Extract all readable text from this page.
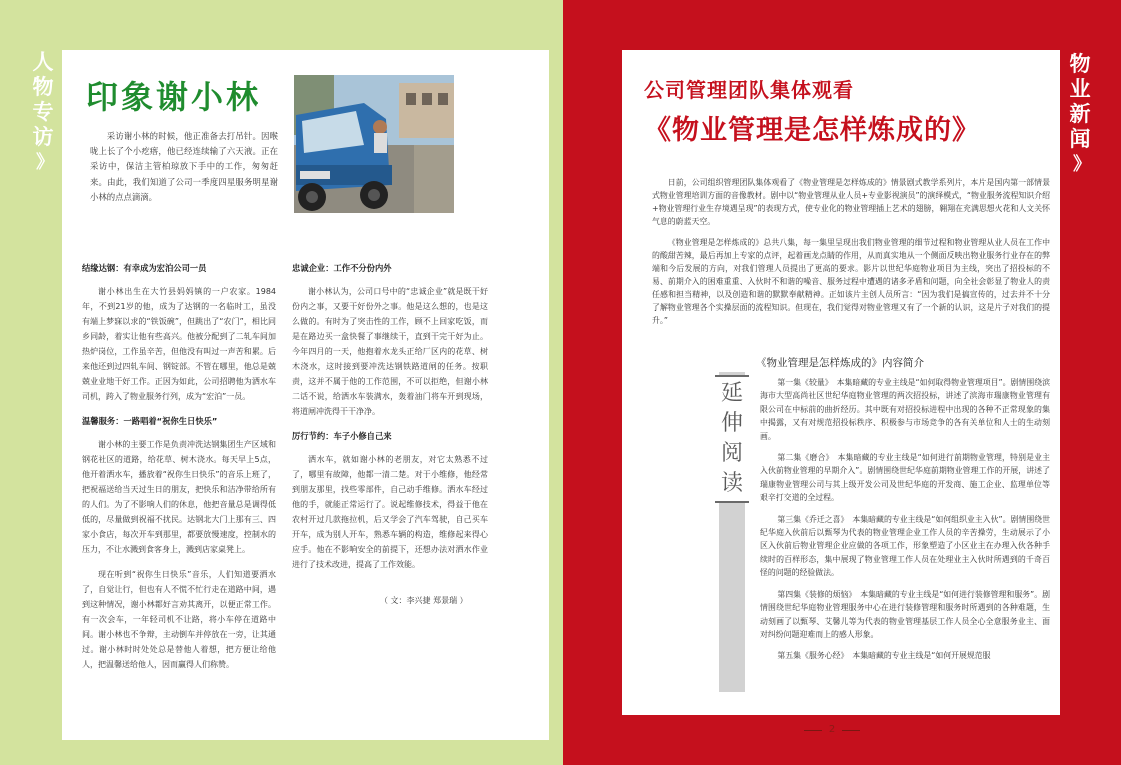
人
物
专
访
》
物
业
新
闻
》
印象谢小林

采访谢小林的时候，他正准备去打吊针。因喉咙上长了个小疙瘩，他已经连续输了六天液。正在采访中，保洁主管柏琼放下手中的工作，匆匆赶来。由此，我们知道了公司一季度四星服务明星谢小林的点点滴滴。

结缘达钢：有幸成为宏泊公司一员

谢小林出生在大竹县妈妈镇的一户农家。1984年，不到21岁的他，成为了达钢的一名临时工，虽没有端上梦寐以求的“铁饭碗”，但跳出了“农门”，相比同乡同龄，着实让他有些高兴。他被分配到了二轧车间加热炉岗位，工作虽辛苦，但他没有叫过一声苦和累。后来他还到过四轧车间、钢锭部。不管在哪里，他总是兢兢业业地干好工作。正因为如此，公司招聘他为洒水车司机，跨入了物业服务行列，成为“宏泊”一员。

温馨服务：一路唱着“祝你生日快乐”

谢小林的主要工作是负责冲洗达钢集团生产区域和钢花社区的道路，给花草、树木浇水。每天早上5点，他开着洒水车，播放着“祝你生日快乐”的音乐上班了，把祝福送给当天过生日的朋友，把快乐和洁净带给所有的人们。为了不影响人们的休息，他把音量总是调得低低的，尽量做到祝福不扰民。达钢北大门上那有三、四家小食店，每次开车到那里，都要放慢速度，控制水的压力，不让水溅到食客身上，溅到店家桌凳上。

现在听到“祝你生日快乐”音乐，人们知道要洒水了，自觉让行，但也有人不慌不忙行走在道路中间，遇到这种情况，谢小林都好言劝其离开，以便正常工作。有一次会车，一年轻司机不让路，将小车停在道路中间。谢小林也不争辩，主动倒车并停放在一旁，让其通过。谢小林时时处处总是替他人着想，把方便让给他人，把温馨送给他人，因而赢得人们称赞。

忠诚企业：工作不分份内外

谢小林认为，公司口号中的“忠诚企业”就是既干好份内之事，又要干好份外之事。他是这么想的，也是这么做的。有时为了突击性的工作，顾不上回家吃饭，而是在路边买一盒快餐了事继续干，直到干完干好为止。今年四月的一天，他抱着水龙头正给厂区内的花草、树木浇水，这时接到要冲洗达钢铁路道闸的任务。按职责，这并不属于他的工作范围，不可以拒绝，但谢小林二话不说，给洒水车装满水，轰着油门将车开到现场，将道闸冲洗得干干净净。

厉行节约：车子小修自己来

洒水车，就如谢小林的老朋友，对它太熟悉不过了，哪里有故障，他都一清二楚。对于小维修，他经常到朋友那里，找些零部件，自己动手维修。洒水车经过他的手，就能正常运行了。说起维修技术，得益于他在农村开过几款拖拉机，后又学会了汽车驾驶，自己买车开车，成为别人开车，熟悉车辆的构造，维修起来得心应手。他在不影响安全的前提下，还想办法对洒水作业进行了技术改进，提高了工作效能。

（ 文：李兴捷 郑景瑞 ）
公司管理团队集体观看
《物业管理是怎样炼成的》

日前，公司组织管理团队集体观看了《物业管理是怎样炼成的》情景剧式教学系列片，本片是国内第一部情景式物业管理培训方面的音像教材。剧中以“物业管理从业人员+专业影视演员”的演绎模式，“物业服务流程知识介绍+物业管理行业生存境遇呈现”的表现方式，使专业化的物业管理插上艺术的翅膀，翱翔在充满思想火花和人文关怀气息的蔚蓝天空。

《物业管理是怎样炼成的》总共八集，每一集里呈现出我们物业管理的细节过程和物业管理从业人员在工作中的酸甜苦辣，最后再加上专家的点评，起着画龙点睛的作用，从而真实地从一个侧面反映出物业服务行业存在的弊端和今后发展的方向，对我们管理人员提出了更高的要求。影片以世纪华庭物业项目为主线，突出了招投标的不易、前期介入的困难重重、入伙时不和谐的噪音、服务过程中遭遇的诸多矛盾和问题，向全社会彰显了物业人的责任感和担当精神，以及创造和谐的默默奉献精神。正如该片主创人员所言：“因为我们是搞宣传的，过去并不十分了解物业管理各个实操层面的流程知识。但现在，我们觉得对物业管理又有了一个新的认识，这是片子对我们的提升。”

《物业管理是怎样炼成的》内容简介
延
伸
阅
读

第一集《较量》　本集暗藏的专业主线是“如何取得物业管理项目”。剧情围绕滨海市大型高尚社区世纪华庭物业管理的两次招投标，讲述了滨海市瑞康物业管理有限公司在中标前的曲折经历。其中既有对招投标进程中出现的各种不正常现象的集中揭露，又有对规范招投标秩序、积极参与市场竞争的各有关单位和人士的生动刻画。

第二集《磨合》　本集暗藏的专业主线是“如何进行前期物业管理，特别是业主入伙前物业管理的早期介入”。剧情围绕世纪华庭前期物业管理工作的开展，讲述了瑞康物业管理公司与其上级开发公司及世纪华庭的开发商、施工企业、监理单位等艰辛打交道的全过程。

第三集《乔迁之喜》　本集暗藏的专业主线是“如何组织业主入伙”。剧情围绕世纪华庭入伙前后以甄琴为代表的物业管理企业工作人员的辛苦操劳，生动展示了小区入伙前后物业管理企业应做的各项工作，形象塑造了小区业主在办理入伙各种手续时的百样形态，集中展现了物业管理工作人员在处理业主入伙时所遇到的千奇百怪的问题的经验做法。

第四集《装修的烦恼》　本集暗藏的专业主线是“如何进行装修管理和服务”。剧情围绕世纪华庭物业管理服务中心在进行装修管理和服务时所遇到的各种难题，生动刻画了以甄琴、艾馨儿等为代表的物业管理基层工作人员全心全意服务业主、面对纠纷问题迎难而上的感人形象。

第五集《服务心经》　本集暗藏的专业主线是“如何开展规范服

2
